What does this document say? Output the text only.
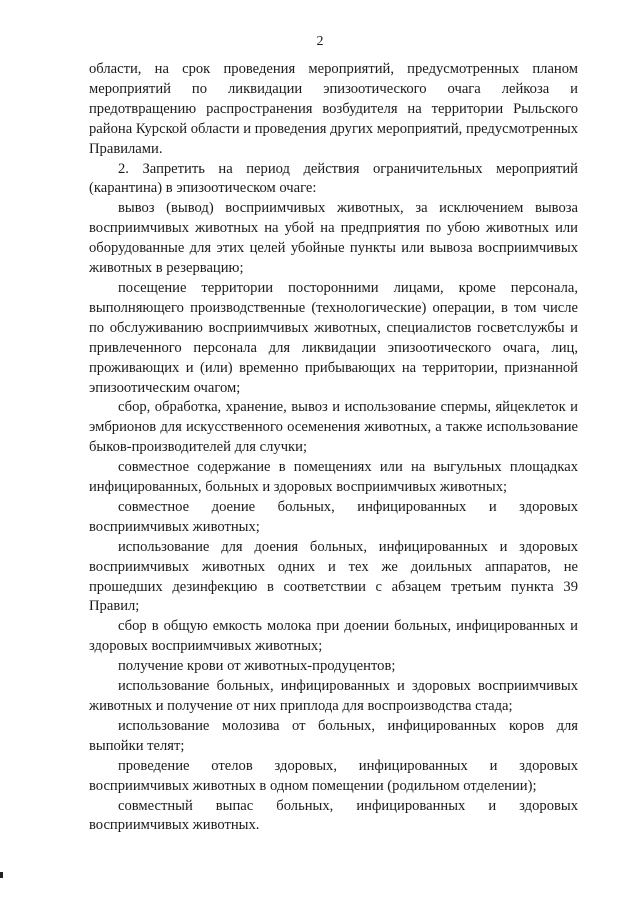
2

области, на срок проведения мероприятий, предусмотренных планом мероприятий по ликвидации эпизоотического очага лейкоза и предотвращению распространения возбудителя на территории Рыльского района Курской области и проведения других мероприятий, предусмотренных Правилами.

2. Запретить на период действия ограничительных мероприятий (карантина) в эпизоотическом очаге:

вывоз (вывод) восприимчивых животных, за исключением вывоза восприимчивых животных на убой на предприятия по убою животных или оборудованные для этих целей убойные пункты или вывоза восприимчивых животных в резервацию;

посещение территории посторонними лицами, кроме персонала, выполняющего производственные (технологические) операции, в том числе по обслуживанию восприимчивых животных, специалистов госветслужбы и привлеченного персонала для ликвидации эпизоотического очага, лиц, проживающих и (или) временно прибывающих на территории, признанной эпизоотическим очагом;

сбор, обработка, хранение, вывоз и использование спермы, яйцеклеток и эмбрионов для искусственного осеменения животных, а также использование быков-производителей для случки;

совместное содержание в помещениях или на выгульных площадках инфицированных, больных и здоровых восприимчивых животных;

совместное доение больных, инфицированных и здоровых восприимчивых животных;

использование для доения больных, инфицированных и здоровых восприимчивых животных одних и тех же доильных аппаратов, не прошедших дезинфекцию в соответствии с абзацем третьим пункта 39 Правил;

сбор в общую емкость молока при доении больных, инфицированных и здоровых восприимчивых животных;

получение крови от животных-продуцентов;

использование больных, инфицированных и здоровых восприимчивых животных и получение от них приплода для воспроизводства стада;

использование молозива от больных, инфицированных коров для выпойки телят;

проведение отелов здоровых, инфицированных и здоровых восприимчивых животных в одном помещении (родильном отделении);

совместный выпас больных, инфицированных и здоровых восприимчивых животных.
